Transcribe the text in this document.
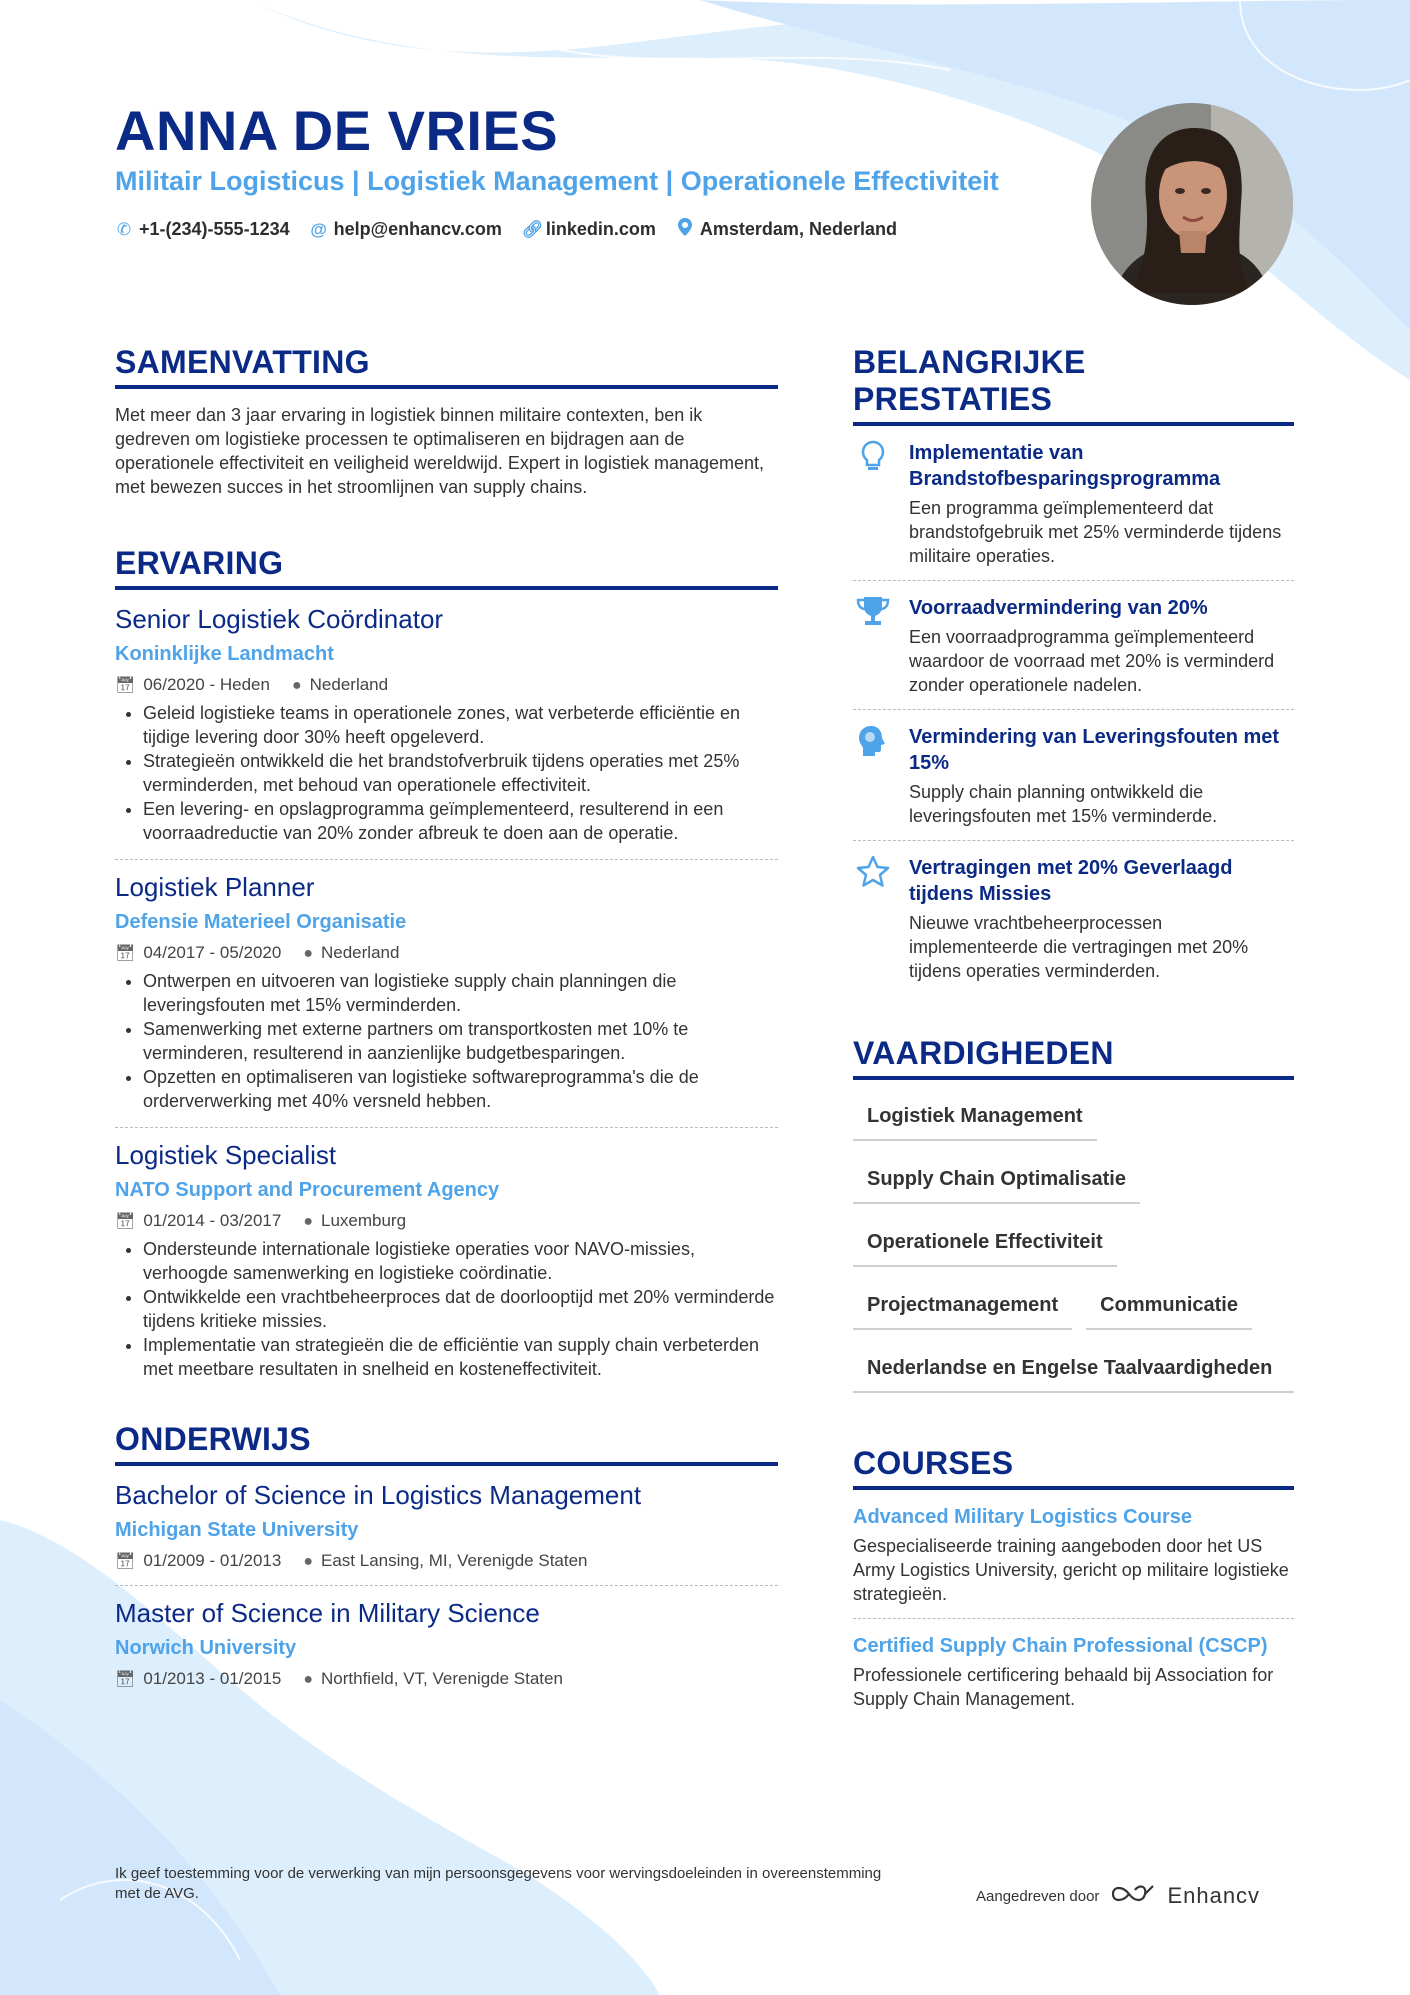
ANNA DE VRIES
Militair Logisticus | Logistiek Management | Operationele Effectiviteit
✆ +1-(234)-555-1234 @ help@enhancv.com 🔗︎ linkedin.com Amsterdam, Nederland
SAMENVATTING
Met meer dan 3 jaar ervaring in logistiek binnen militaire contexten, ben ik gedreven om logistieke processen te optimaliseren en bijdragen aan de operationele effectiviteit en veiligheid wereldwijd. Expert in logistiek management, met bewezen succes in het stroomlijnen van supply chains.
ERVARING
Senior Logistiek Coördinator
Koninklijke Landmacht
📅︎ 06/2020 - Heden ● Nederland
• Geleid logistieke teams in operationele zones, wat verbeterde efficiëntie en tijdige levering door 30% heeft opgeleverd.
• Strategieën ontwikkeld die het brandstofverbruik tijdens operaties met 25% verminderden, met behoud van operationele effectiviteit.
• Een levering- en opslagprogramma geïmplementeerd, resulterend in een voorraadreductie van 20% zonder afbreuk te doen aan de operatie.
Logistiek Planner
Defensie Materieel Organisatie
📅︎ 04/2017 - 05/2020 ● Nederland
• Ontwerpen en uitvoeren van logistieke supply chain planningen die leveringsfouten met 15% verminderden.
• Samenwerking met externe partners om transportkosten met 10% te verminderen, resulterend in aanzienlijke budgetbesparingen.
• Opzetten en optimaliseren van logistieke softwareprogramma's die de orderverwerking met 40% versneld hebben.
Logistiek Specialist
NATO Support and Procurement Agency
📅︎ 01/2014 - 03/2017 ● Luxemburg
• Ondersteunde internationale logistieke operaties voor NAVO-missies, verhoogde samenwerking en logistieke coördinatie.
• Ontwikkelde een vrachtbeheerproces dat de doorlooptijd met 20% verminderde tijdens kritieke missies.
• Implementatie van strategieën die de efficiëntie van supply chain verbeterden met meetbare resultaten in snelheid en kosteneffectiviteit.
ONDERWIJS
Bachelor of Science in Logistics Management
Michigan State University
📅︎ 01/2009 - 01/2013 ● East Lansing, MI, Verenigde Staten
Master of Science in Military Science
Norwich University
📅︎ 01/2013 - 01/2015 ● Northfield, VT, Verenigde Staten
BELANGRIJKE PRESTATIES
Implementatie van Brandstofbesparingsprogramma
Een programma geïmplementeerd dat brandstofgebruik met 25% verminderde tijdens militaire operaties.
Voorraadvermindering van 20%
Een voorraadprogramma geïmplementeerd waardoor de voorraad met 20% is verminderd zonder operationele nadelen.
Vermindering van Leveringsfouten met 15%
Supply chain planning ontwikkeld die leveringsfouten met 15% verminderde.
Vertragingen met 20% Geverlaagd tijdens Missies
Nieuwe vrachtbeheerprocessen implementeerde die vertragingen met 20% tijdens operaties verminderden.
VAARDIGHEDEN
Logistiek Management
Supply Chain Optimalisatie
Operationele Effectiviteit
Projectmanagement	Communicatie
Nederlandse en Engelse Taalvaardigheden
COURSES
Advanced Military Logistics Course
Gespecialiseerde training aangeboden door het US Army Logistics University, gericht op militaire logistieke strategieën.
Certified Supply Chain Professional (CSCP)
Professionele certificering behaald bij Association for Supply Chain Management.
Ik geef toestemming voor de verwerking van mijn persoonsgegevens voor wervingsdoeleinden in overeenstemming met de AVG.	Aangedreven door	Enhancv
